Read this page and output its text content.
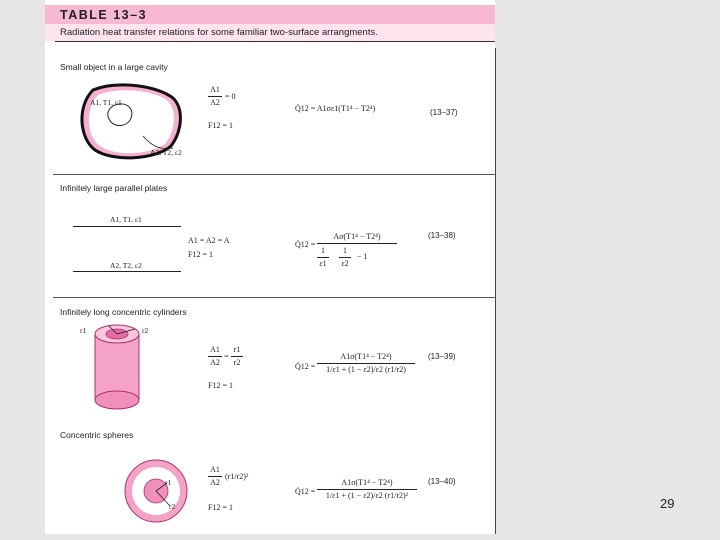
TABLE 13–3
Radiation heat transfer relations for some familiar two-surface arrangments.
Small object in a large cavity
A1, T1, ε1
A2, T2, ε2
A1
A2
= 0
F12 = 1
Q̇12 = A1σε1(T1⁴ − T2⁴)	(13–37)
Infinitely large parallel plates
A1, T1, ε1
A2, T2, ε2
A1 = A2 = A
F12 = 1
Q̇12 =
Aσ(T1⁴ − T2⁴)
1
ε1
1
ε2
− 1
(13–38)
Infinitely long concentric cylinders
r1	r2
A1
A2
=
r1
r2
F12 = 1
Q̇12 =
A1σ(T1⁴ − T2⁴)
1/ε1 + (1 − ε2)/ε2 (r1/r2)
(13–39)
Concentric spheres
r1
r2
A1
A2
(r1/r2)²
F12 = 1
Q̇12 =
A1σ(T1⁴ − T2⁴)
1/ε1 + (1 − ε2)/ε2 (r1/r2)²
(13–40)
29
